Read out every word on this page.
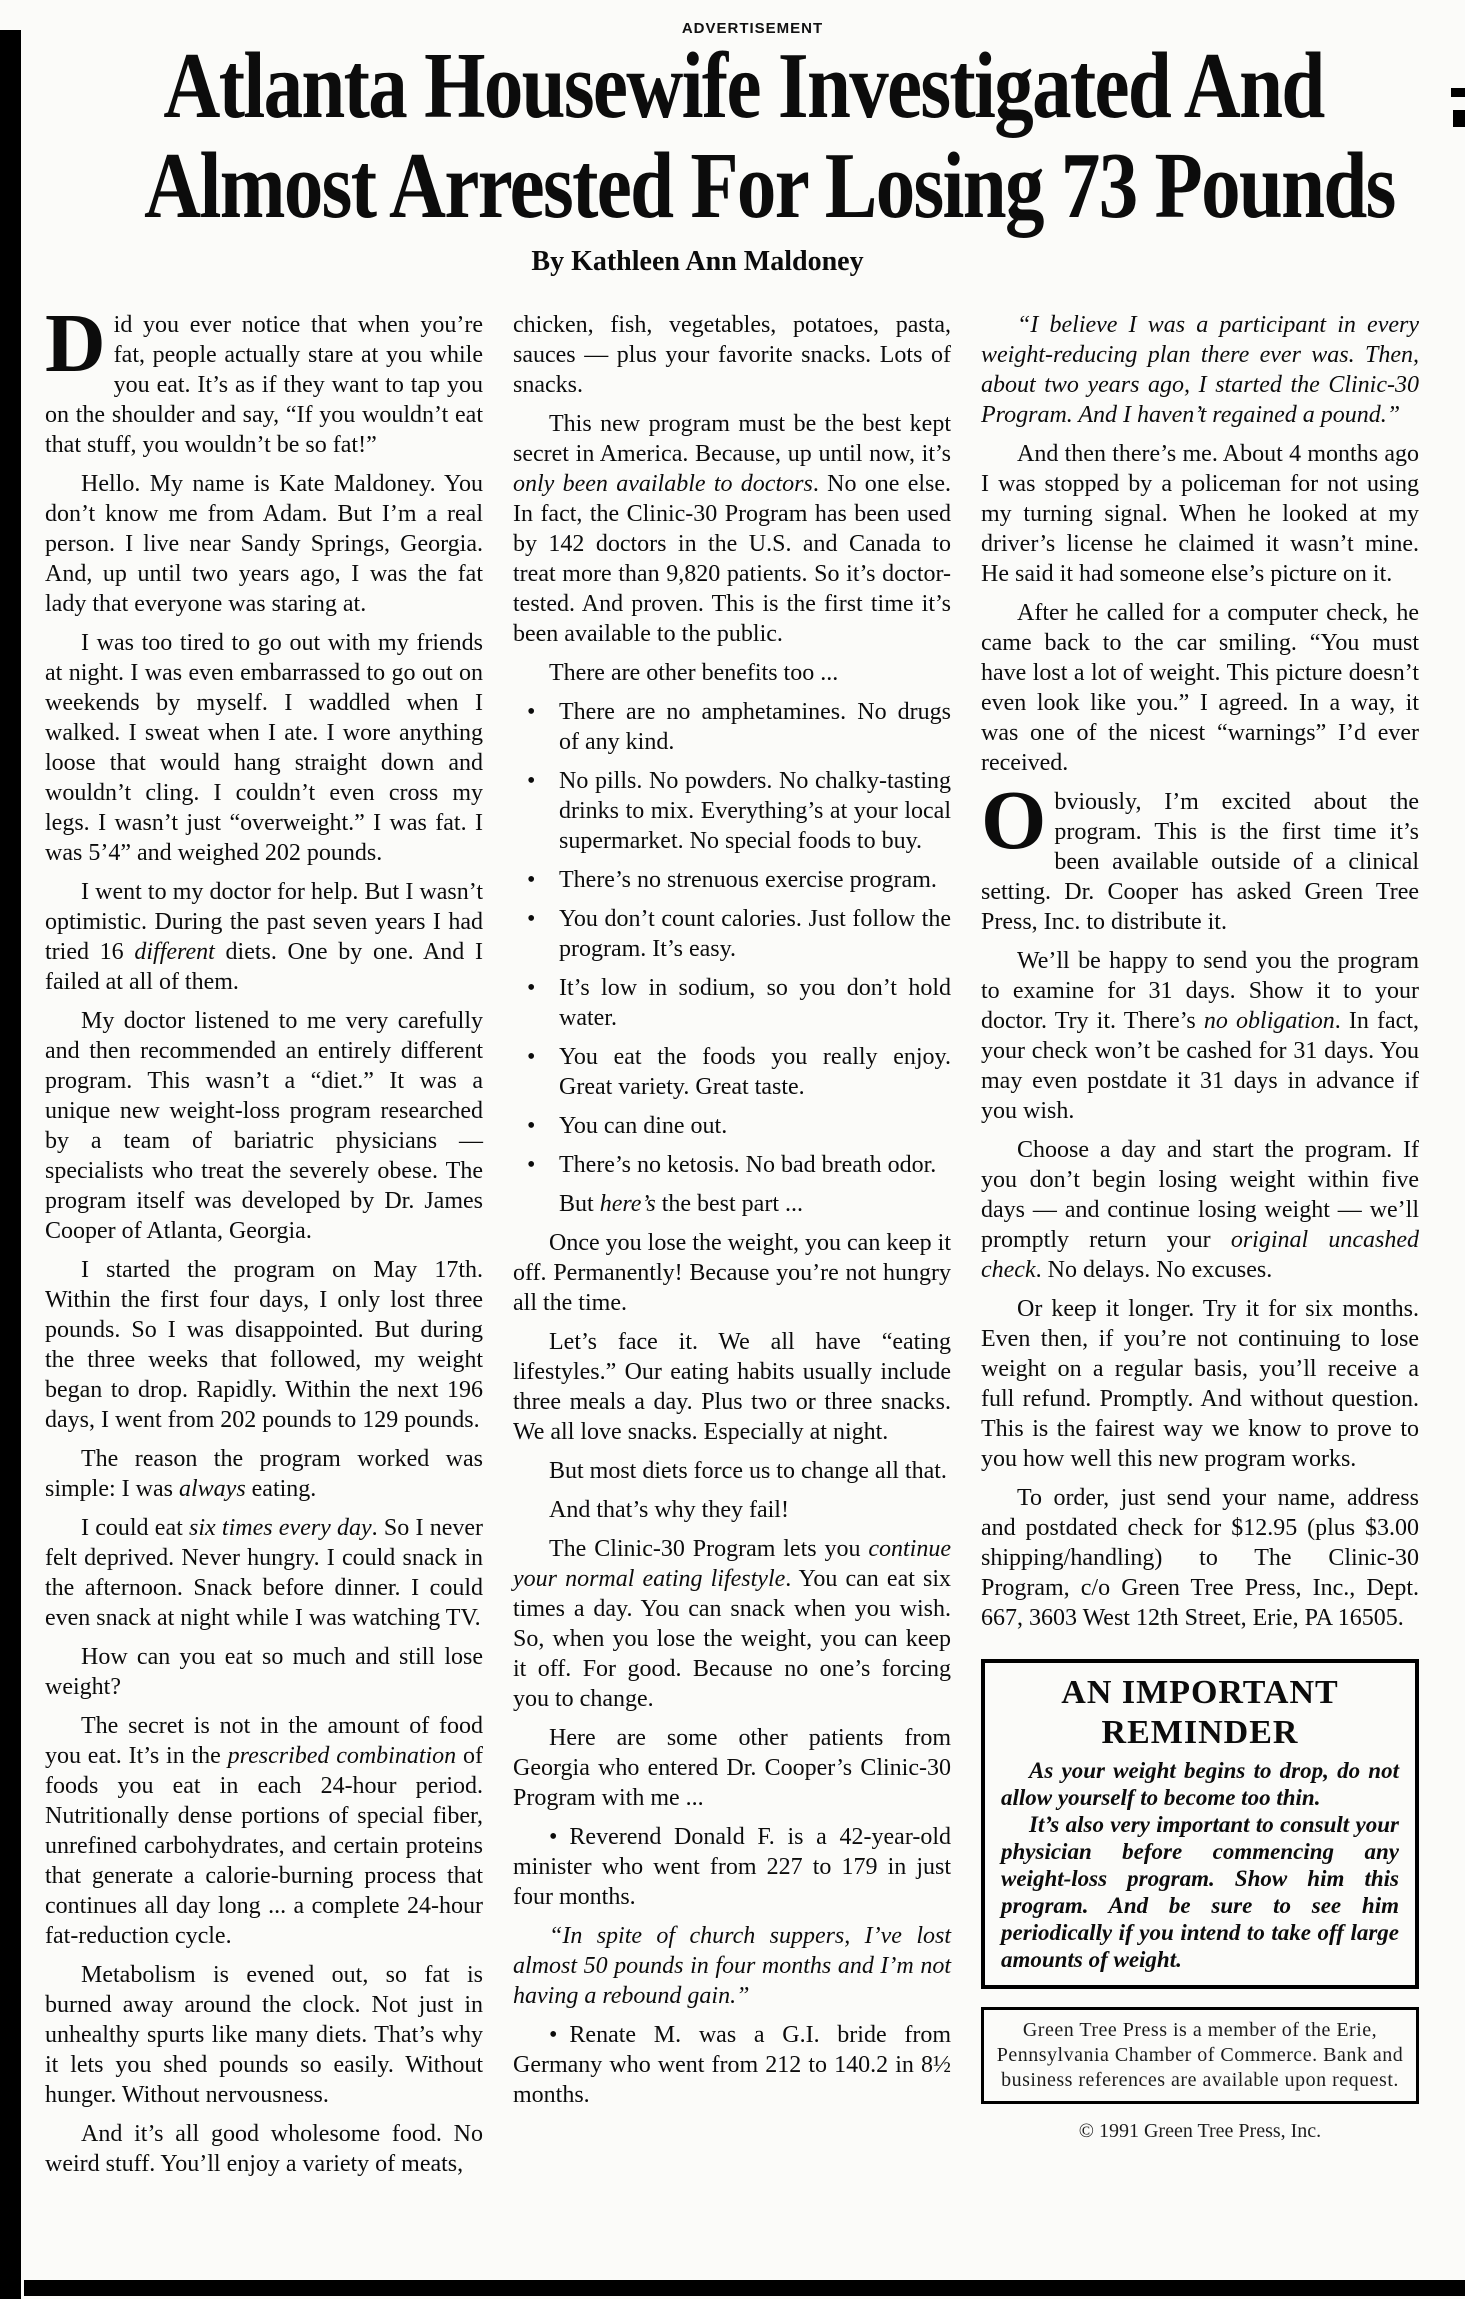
ADVERTISEMENT
Atlanta Housewife Investigated And
Almost Arrested For Losing 73 Pounds
By Kathleen Ann Maldoney

Did you ever notice that when you’re fat, people actually stare at you while you eat. It’s as if they want to tap you on the shoulder and say, “If you wouldn’t eat that stuff, you wouldn’t be so fat!”

Hello. My name is Kate Maldoney. You don’t know me from Adam. But I’m a real person. I live near Sandy Springs, Georgia. And, up until two years ago, I was the fat lady that everyone was staring at.

I was too tired to go out with my friends at night. I was even embarrassed to go out on weekends by myself. I waddled when I walked. I sweat when I ate. I wore anything loose that would hang straight down and wouldn’t cling. I couldn’t even cross my legs. I wasn’t just “overweight.” I was fat. I was 5’4” and weighed 202 pounds.

I went to my doctor for help. But I wasn’t optimistic. During the past seven years I had tried 16 different diets. One by one. And I failed at all of them.

My doctor listened to me very carefully and then recommended an entirely different program. This wasn’t a “diet.” It was a unique new weight-loss program researched by a team of bariatric physicians — specialists who treat the severely obese. The program itself was developed by Dr. James Cooper of Atlanta, Georgia.

I started the program on May 17th. Within the first four days, I only lost three pounds. So I was disappointed. But during the three weeks that followed, my weight began to drop. Rapidly. Within the next 196 days, I went from 202 pounds to 129 pounds.

The reason the program worked was simple: I was always eating.

I could eat six times every day. So I never felt deprived. Never hungry. I could snack in the afternoon. Snack before dinner. I could even snack at night while I was watching TV.

How can you eat so much and still lose weight?

The secret is not in the amount of food you eat. It’s in the prescribed combination of foods you eat in each 24-hour period. Nutritionally dense portions of special fiber, unrefined carbohydrates, and certain proteins that generate a calorie-burning process that continues all day long ... a complete 24-hour fat-reduction cycle.

Metabolism is evened out, so fat is burned away around the clock. Not just in unhealthy spurts like many diets. That’s why it lets you shed pounds so easily. Without hunger. Without nervousness.

And it’s all good wholesome food. No weird stuff. You’ll enjoy a variety of meats,

chicken, fish, vegetables, potatoes, pasta, sauces — plus your favorite snacks. Lots of snacks.

This new program must be the best kept secret in America. Because, up until now, it’s only been available to doctors. No one else. In fact, the Clinic-30 Program has been used by 142 doctors in the U.S. and Canada to treat more than 9,820 patients. So it’s doctor-tested. And proven. This is the first time it’s been available to the public.

There are other benefits too ...

• There are no amphetamines. No drugs of any kind.
• No pills. No powders. No chalky-tasting drinks to mix. Everything’s at your local supermarket. No special foods to buy.
• There’s no strenuous exercise program.
• You don’t count calories. Just follow the program. It’s easy.
• It’s low in sodium, so you don’t hold water.
• You eat the foods you really enjoy. Great variety. Great taste.
• You can dine out.
• There’s no ketosis. No bad breath odor.

But here’s the best part ...

Once you lose the weight, you can keep it off. Permanently! Because you’re not hungry all the time.

Let’s face it. We all have “eating lifestyles.” Our eating habits usually include three meals a day. Plus two or three snacks. We all love snacks. Especially at night.

But most diets force us to change all that.

And that’s why they fail!

The Clinic-30 Program lets you continue your normal eating lifestyle. You can eat six times a day. You can snack when you wish. So, when you lose the weight, you can keep it off. For good. Because no one’s forcing you to change.

Here are some other patients from Georgia who entered Dr. Cooper’s Clinic-30 Program with me ...

• Reverend Donald F. is a 42-year-old minister who went from 227 to 179 in just four months.

“In spite of church suppers, I’ve lost almost 50 pounds in four months and I’m not having a rebound gain.”

• Renate M. was a G.I. bride from Germany who went from 212 to 140.2 in 8½ months.

“I believe I was a participant in every weight-reducing plan there ever was. Then, about two years ago, I started the Clinic-30 Program. And I haven’t regained a pound.”

And then there’s me. About 4 months ago I was stopped by a policeman for not using my turning signal. When he looked at my driver’s license he claimed it wasn’t mine. He said it had someone else’s picture on it.

After he called for a computer check, he came back to the car smiling. “You must have lost a lot of weight. This picture doesn’t even look like you.” I agreed. In a way, it was one of the nicest “warnings” I’d ever received.

Obviously, I’m excited about the program. This is the first time it’s been available outside of a clinical setting. Dr. Cooper has asked Green Tree Press, Inc. to distribute it.

We’ll be happy to send you the program to examine for 31 days. Show it to your doctor. Try it. There’s no obligation. In fact, your check won’t be cashed for 31 days. You may even postdate it 31 days in advance if you wish.

Choose a day and start the program. If you don’t begin losing weight within five days — and continue losing weight — we’ll promptly return your original uncashed check. No delays. No excuses.

Or keep it longer. Try it for six months. Even then, if you’re not continuing to lose weight on a regular basis, you’ll receive a full refund. Promptly. And without question. This is the fairest way we know to prove to you how well this new program works.

To order, just send your name, address and postdated check for $12.95 (plus $3.00 shipping/handling) to The Clinic-30 Program, c/o Green Tree Press, Inc., Dept. 667, 3603 West 12th Street, Erie, PA 16505.

AN IMPORTANT REMINDER

As your weight begins to drop, do not allow yourself to become too thin.

It’s also very important to consult your physician before commencing any weight-loss program. Show him this program. And be sure to see him periodically if you intend to take off large amounts of weight.

Green Tree Press is a member of the Erie, Pennsylvania Chamber of Commerce. Bank and business references are available upon request.
© 1991 Green Tree Press, Inc.
